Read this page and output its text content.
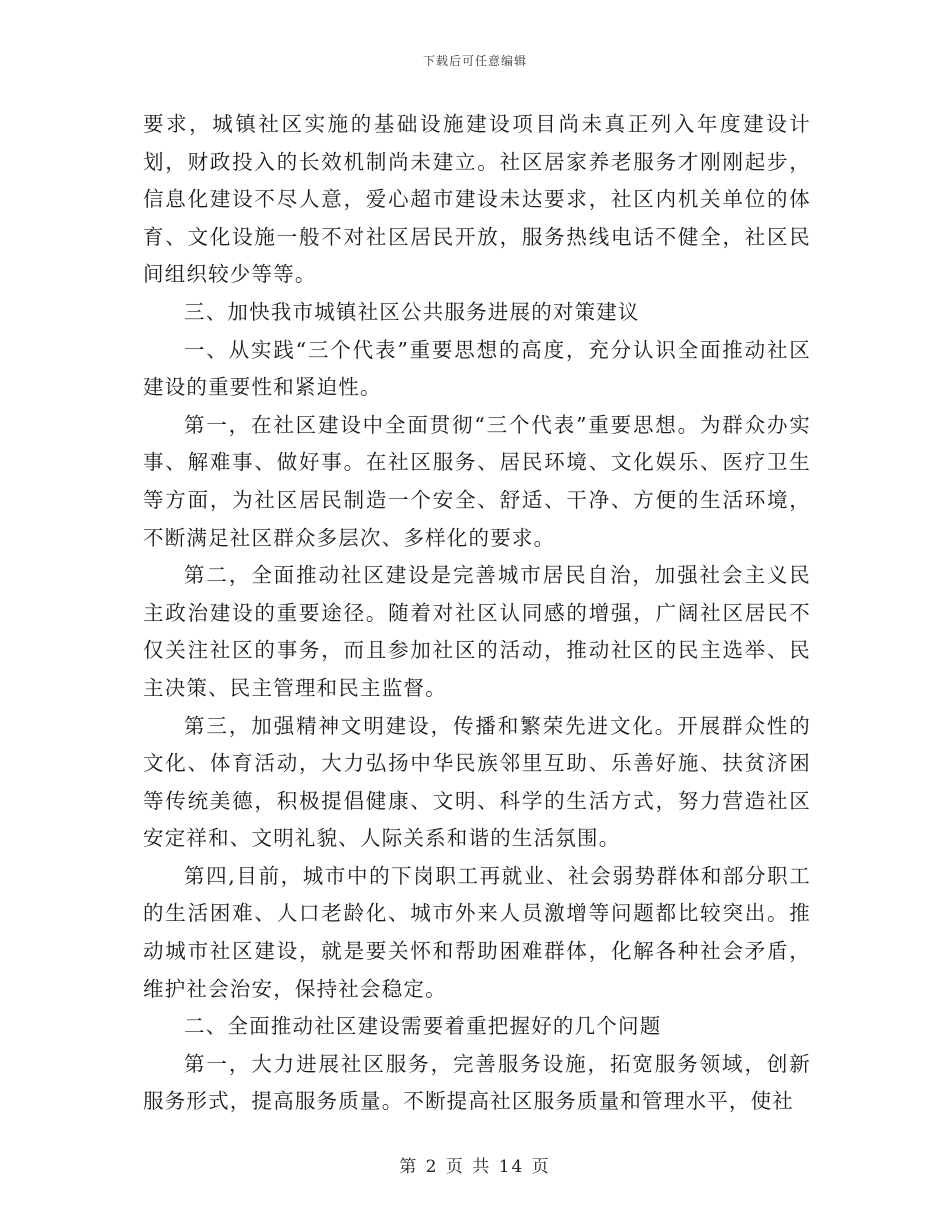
下载后可任意编辑

要求，城镇社区实施的基础设施建设项目尚未真正列入年度建设计划，财政投入的长效机制尚未建立。社区居家养老服务才刚刚起步，信息化建设不尽人意，爱心超市建设未达要求，社区内机关单位的体育、文化设施一般不对社区居民开放，服务热线电话不健全，社区民间组织较少等等。

三、加快我市城镇社区公共服务进展的对策建议

一、从实践“三个代表”重要思想的高度，充分认识全面推动社区建设的重要性和紧迫性。

第一，在社区建设中全面贯彻“三个代表”重要思想。为群众办实事、解难事、做好事。在社区服务、居民环境、文化娱乐、医疗卫生等方面，为社区居民制造一个安全、舒适、干净、方便的生活环境，不断满足社区群众多层次、多样化的要求。

第二，全面推动社区建设是完善城市居民自治，加强社会主义民主政治建设的重要途径。随着对社区认同感的增强，广阔社区居民不仅关注社区的事务，而且参加社区的活动，推动社区的民主选举、民主决策、民主管理和民主监督。

第三，加强精神文明建设，传播和繁荣先进文化。开展群众性的文化、体育活动，大力弘扬中华民族邻里互助、乐善好施、扶贫济困等传统美德，积极提倡健康、文明、科学的生活方式，努力营造社区安定祥和、文明礼貌、人际关系和谐的生活氛围。

第四,目前，城市中的下岗职工再就业、社会弱势群体和部分职工的生活困难、人口老龄化、城市外来人员激增等问题都比较突出。推动城市社区建设，就是要关怀和帮助困难群体，化解各种社会矛盾，维护社会治安，保持社会稳定。

二、全面推动社区建设需要着重把握好的几个问题

第一，大力进展社区服务，完善服务设施，拓宽服务领域，创新服务形式，提高服务质量。不断提高社区服务质量和管理水平，使社

第 2 页 共 14 页
